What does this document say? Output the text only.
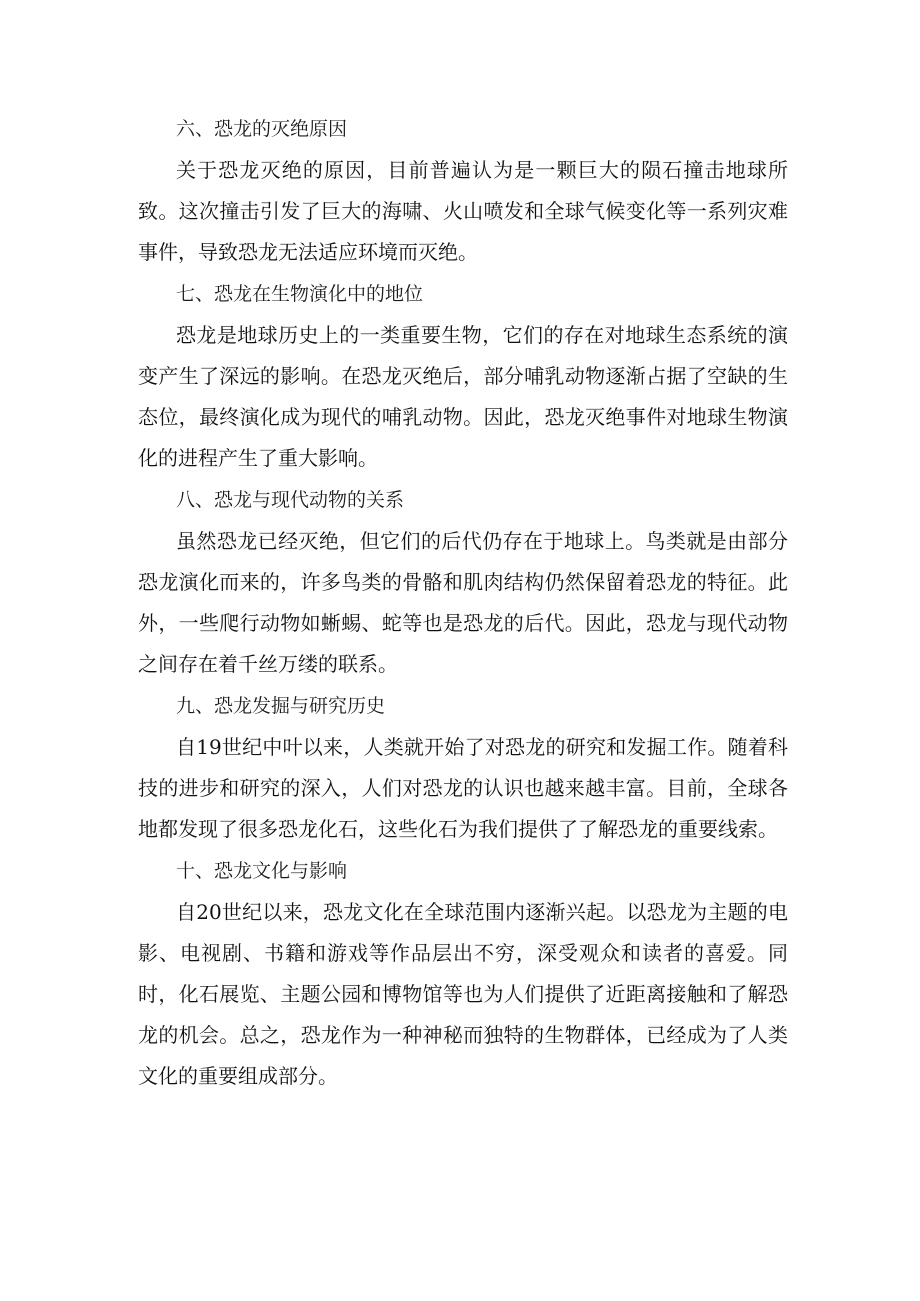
六、恐龙的灭绝原因

关于恐龙灭绝的原因，目前普遍认为是一颗巨大的陨石撞击地球所致。这次撞击引发了巨大的海啸、火山喷发和全球气候变化等一系列灾难事件，导致恐龙无法适应环境而灭绝。

七、恐龙在生物演化中的地位

恐龙是地球历史上的一类重要生物，它们的存在对地球生态系统的演变产生了深远的影响。在恐龙灭绝后，部分哺乳动物逐渐占据了空缺的生态位，最终演化成为现代的哺乳动物。因此，恐龙灭绝事件对地球生物演化的进程产生了重大影响。

八、恐龙与现代动物的关系

虽然恐龙已经灭绝，但它们的后代仍存在于地球上。鸟类就是由部分恐龙演化而来的，许多鸟类的骨骼和肌肉结构仍然保留着恐龙的特征。此外，一些爬行动物如蜥蜴、蛇等也是恐龙的后代。因此，恐龙与现代动物之间存在着千丝万缕的联系。

九、恐龙发掘与研究历史

自19世纪中叶以来，人类就开始了对恐龙的研究和发掘工作。随着科技的进步和研究的深入，人们对恐龙的认识也越来越丰富。目前，全球各地都发现了很多恐龙化石，这些化石为我们提供了了解恐龙的重要线索。

十、恐龙文化与影响

自20世纪以来，恐龙文化在全球范围内逐渐兴起。以恐龙为主题的电影、电视剧、书籍和游戏等作品层出不穷，深受观众和读者的喜爱。同时，化石展览、主题公园和博物馆等也为人们提供了近距离接触和了解恐龙的机会。总之，恐龙作为一种神秘而独特的生物群体，已经成为了人类文化的重要组成部分。
